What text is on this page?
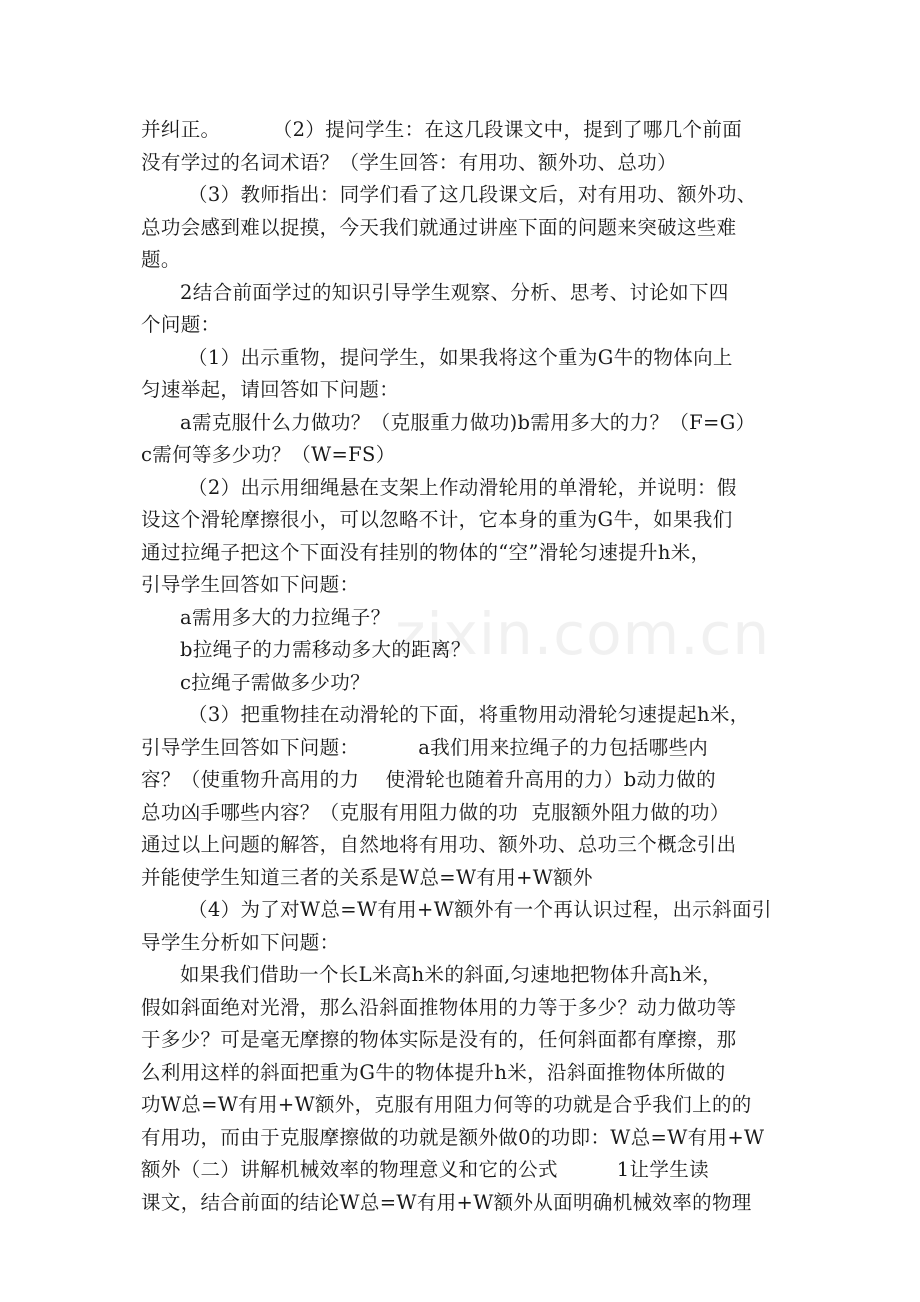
zixin.com.cn
并纠正。        （2）提问学生：在这几段课文中，提到了哪几个前面
没有学过的名词术语？（学生回答：有用功、额外功、总功）
（3）教师指出：同学们看了这几段课文后，对有用功、额外功、
总功会感到难以捉摸，今天我们就通过讲座下面的问题来突破这些难
题。
2结合前面学过的知识引导学生观察、分析、思考、讨论如下四
个问题：
（1）出示重物，提问学生，如果我将这个重为G牛的物体向上
匀速举起，请回答如下问题：
a需克服什么力做功？（克服重力做功)b需用多大的力？（F=G）
c需何等多少功？（W=FS）
（2）出示用细绳悬在支架上作动滑轮用的单滑轮，并说明：假
设这个滑轮摩擦很小，可以忽略不计，它本身的重为G牛，如果我们
通过拉绳子把这个下面没有挂别的物体的“空”滑轮匀速提升h米，
引导学生回答如下问题：
a需用多大的力拉绳子？
b拉绳子的力需移动多大的距离？
c拉绳子需做多少功？
（3）把重物挂在动滑轮的下面，将重物用动滑轮匀速提起h米，
引导学生回答如下问题：         a我们用来拉绳子的力包括哪些内
容？（使重物升高用的力    使滑轮也随着升高用的力）b动力做的
总功凶手哪些内容？（克服有用阻力做的功  克服额外阻力做的功）
通过以上问题的解答，自然地将有用功、额外功、总功三个概念引出
并能使学生知道三者的关系是W总=W有用+W额外
（4）为了对W总=W有用+W额外有一个再认识过程，出示斜面引
导学生分析如下问题：
如果我们借助一个长L米高h米的斜面,匀速地把物体升高h米，
假如斜面绝对光滑，那么沿斜面推物体用的力等于多少？动力做功等
于多少？可是毫无摩擦的物体实际是没有的，任何斜面都有摩擦，那
么利用这样的斜面把重为G牛的物体提升h米，沿斜面推物体所做的
功W总=W有用+W额外，克服有用阻力何等的功就是合乎我们上的的
有用功，而由于克服摩擦做的功就是额外做0的功即：W总=W有用+W
额外（二）讲解机械效率的物理意义和它的公式         1让学生读
课文，结合前面的结论W总=W有用+W额外从面明确机械效率的物理
